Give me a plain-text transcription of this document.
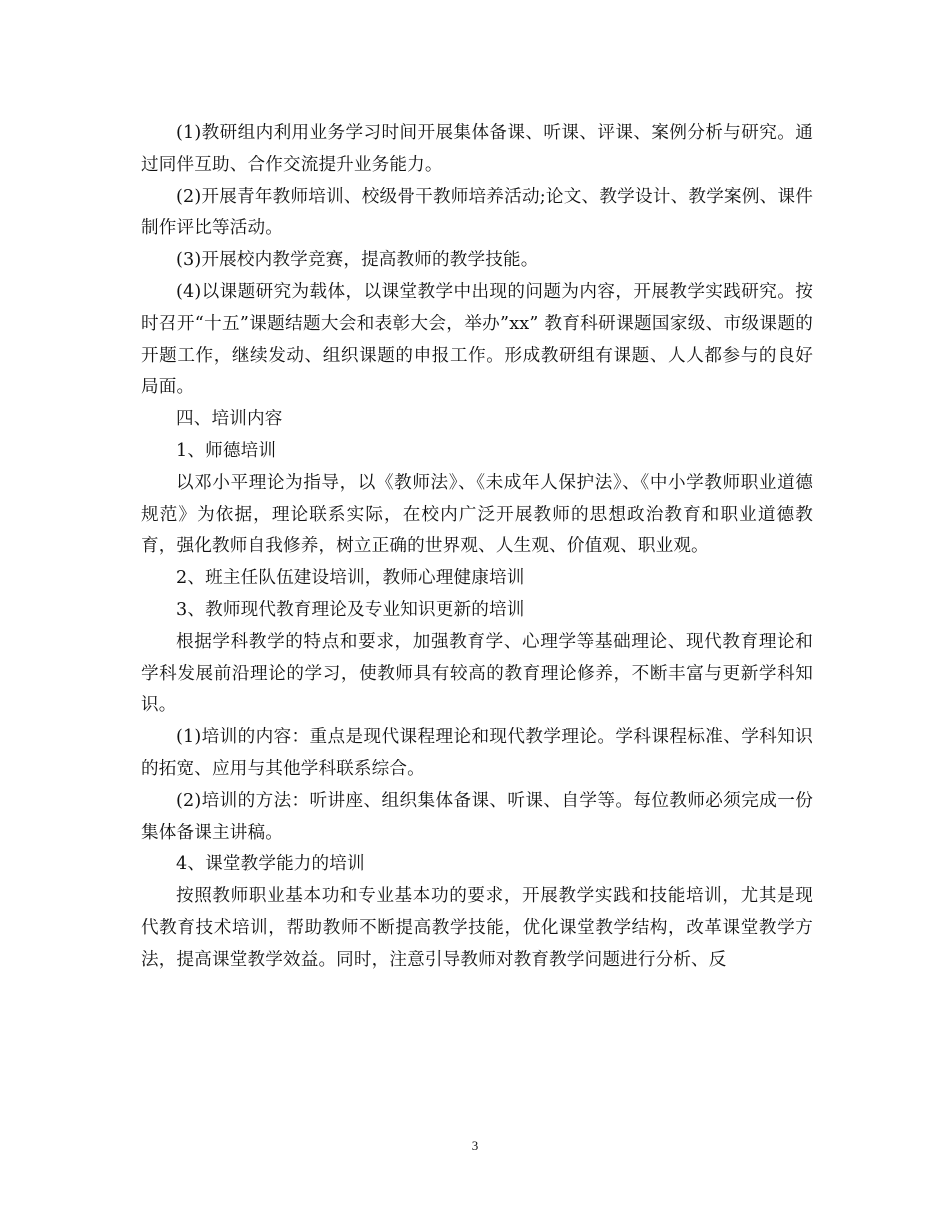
(1)教研组内利用业务学习时间开展集体备课、听课、评课、案例分析与研究。通过同伴互助、合作交流提升业务能力。

(2)开展青年教师培训、校级骨干教师培养活动;论文、教学设计、教学案例、课件制作评比等活动。

(3)开展校内教学竞赛，提高教师的教学技能。

(4)以课题研究为载体，以课堂教学中出现的问题为内容，开展教学实践研究。按时召开“十五”课题结题大会和表彰大会，举办”xx” 教育科研课题国家级、市级课题的开题工作，继续发动、组织课题的申报工作。形成教研组有课题、人人都参与的良好局面。

四、培训内容

1、师德培训

以邓小平理论为指导，以《教师法》、《未成年人保护法》、《中小学教师职业道德规范》为依据，理论联系实际，在校内广泛开展教师的思想政治教育和职业道德教育，强化教师自我修养，树立正确的世界观、人生观、价值观、职业观。

2、班主任队伍建设培训，教师心理健康培训

3、教师现代教育理论及专业知识更新的培训

根据学科教学的特点和要求，加强教育学、心理学等基础理论、现代教育理论和学科发展前沿理论的学习，使教师具有较高的教育理论修养，不断丰富与更新学科知识。

(1)培训的内容：重点是现代课程理论和现代教学理论。学科课程标准、学科知识的拓宽、应用与其他学科联系综合。

(2)培训的方法：听讲座、组织集体备课、听课、自学等。每位教师必须完成一份集体备课主讲稿。

4、课堂教学能力的培训

按照教师职业基本功和专业基本功的要求，开展教学实践和技能培训，尤其是现代教育技术培训，帮助教师不断提高教学技能，优化课堂教学结构，改革课堂教学方法，提高课堂教学效益。同时，注意引导教师对教育教学问题进行分析、反

3
